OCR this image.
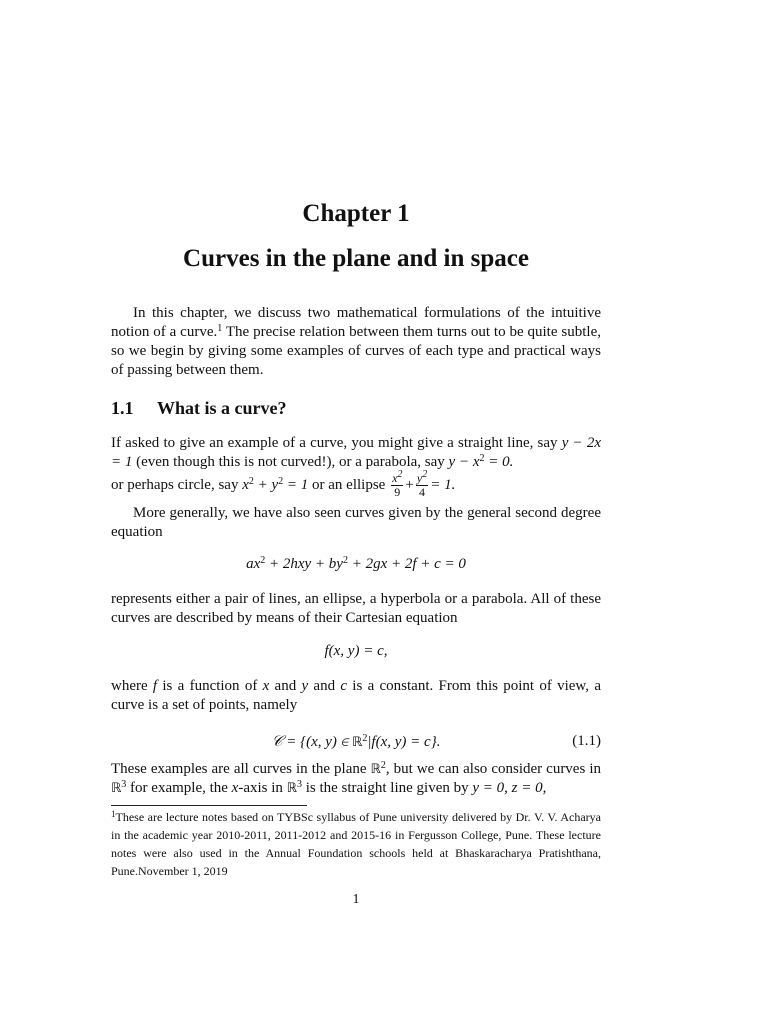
Chapter 1
Curves in the plane and in space
In this chapter, we discuss two mathematical formulations of the intuitive notion of a curve.$^1$ The precise relation between them turns out to be quite subtle, so we begin by giving some examples of curves of each type and practical ways of passing between them.
1.1 What is a curve?
If asked to give an example of a curve, you might give a straight line, say y − 2x = 1 (even though this is not curved!), or a parabola, say $y - x^2 = 0$.
or perhaps circle, say $x^2 + y^2 = 1$ or an ellipse $\frac{x^2}{9} + \frac{y^2}{4} = 1$.
More generally, we have also seen curves given by the general second degree equation
$ax^2 + 2hxy + by^2 + 2gx + 2f + c = 0$
represents either a pair of lines, an ellipse, a hyperbola or a parabola. All of these curves are described by means of their Cartesian equation
f(x, y) = c,
where f is a function of x and y and c is a constant. From this point of view, a curve is a set of points, namely
𝒞 = {(x, y) ∈ ℝ$^2$|f(x, y) = c}.	(1.1)
These examples are all curves in the plane ℝ$^2$, but we can also consider curves in ℝ$^3$ for example, the x-axis in ℝ$^3$ is the straight line given by y = 0, z = 0,
$^1$These are lecture notes based on TYBSc syllabus of Pune university delivered by Dr. V. V. Acharya in the academic year 2010-2011, 2011-2012 and 2015-16 in Fergusson College, Pune. These lecture notes were also used in the Annual Foundation schools held at Bhaskaracharya Pratishthana, Pune.November 1, 2019
1
